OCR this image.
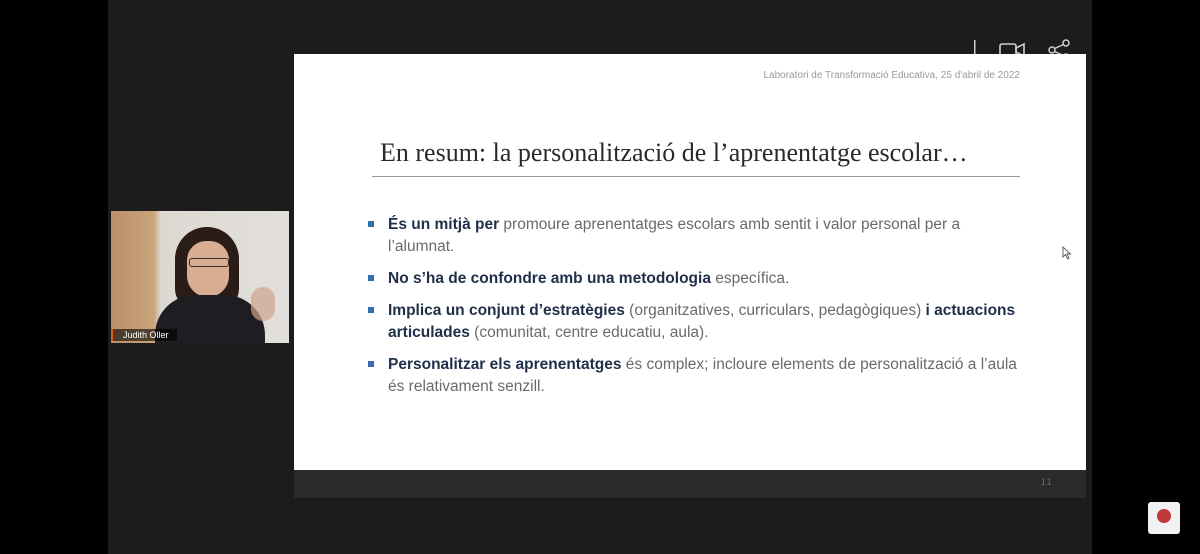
Laboratori de Transformació Educativa, 25 d'abril de 2022
En resum: la personalització de l’aprenentatge escolar…
És un mitjà per promoure aprenentatges escolars amb sentit i valor personal per a l’alumnat.
No s’ha de confondre amb una metodologia específica.
Implica un conjunt d’estratègies (organitzatives, curriculars, pedagògiques) i actuacions articulades (comunitat, centre educatiu, aula).
Personalitzar els aprenentatges és complex; incloure elements de personalització a l’aula és relativament senzill.
11
Judith Oller
